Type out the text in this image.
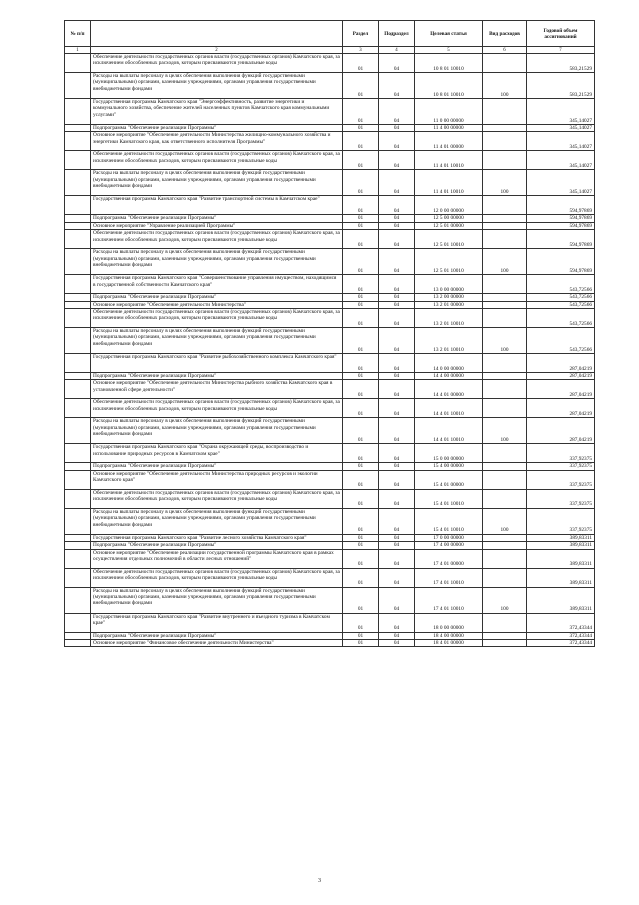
№ п/п		Раздел	Подраздел	Целевая статья	Вид расходов	Годовой объем ассигнований
1	2	3	4	5	6	7
	Обеспечение деятельности государственных органов власти (государственных органов) Камчатского края, за исключением обособленных расходов, которым присваиваются уникальные коды	01	04	10 8 01 10010		583,21529
	Расходы на выплаты персоналу в целях обеспечения выполнения функций государственными (муниципальными) органами, казенными учреждениями, органами управления государственными внебюджетными фондами	01	04	10 8 01 10010	100	583,21529
	Государственная программа Камчатского края "Энергоэффективность, развитие энергетики и коммунального хозяйства, обеспечение жителей населенных пунктов Камчатского края коммунальными услугами"	01	04	11 0 00 00000		345,14027
	Подпрограмма "Обеспечение реализации Программы"	01	04	11 4 00 00000		345,14027
	Основное мероприятие "Обеспечение деятельности Министерства жилищно-коммунального хозяйства и энергетики Камчатского края, как ответственного исполнителя Программы"	01	04	11 4 01 00000		345,14027
	Обеспечение деятельности государственных органов власти (государственных органов) Камчатского края, за исключением обособленных расходов, которым присваиваются уникальные коды	01	04	11 4 01 10010		345,14027
	Расходы на выплаты персоналу в целях обеспечения выполнения функций государственными (муниципальными) органами, казенными учреждениями, органами управления государственными внебюджетными фондами	01	04	11 4 01 10010	100	345,14027
	Государственная программа Камчатского края "Развитие транспортной системы в Камчатском крае"	01	04	12 0 00 00000		594,97869
	Подпрограмма "Обеспечение реализации Программы"	01	04	12 5 00 00000		594,97869
	Основное мероприятие "Управление реализацией Программы"	01	04	12 5 01 00000		594,97869
	Обеспечение деятельности государственных органов власти (государственных органов) Камчатского края, за исключением обособленных расходов, которым присваиваются уникальные коды	01	04	12 5 01 10010		594,97869
	Расходы на выплаты персоналу в целях обеспечения выполнения функций государственными (муниципальными) органами, казенными учреждениями, органами управления государственными внебюджетными фондами	01	04	12 5 01 10010	100	594,97869
	Государственная программа Камчатского края "Совершенствование управления имуществом, находящимся в государственной собственности Камчатского края"	01	04	13 0 00 00000		543,72566
	Подпрограмма "Обеспечение реализации Программы"	01	04	13 2 00 00000		543,72566
	Основное мероприятие "Обеспечение деятельности Министерства"	01	04	13 2 01 00000		543,72566
	Обеспечение деятельности государственных органов власти (государственных органов) Камчатского края, за исключением обособленных расходов, которым присваиваются уникальные коды	01	04	13 2 01 10010		543,72566
	Расходы на выплаты персоналу в целях обеспечения выполнения функций государственными (муниципальными) органами, казенными учреждениями, органами управления государственными внебюджетными фондами	01	04	13 2 01 10010	100	543,72566
	Государственная программа Камчатского края "Развитие рыбохозяйственного комплекса Камчатского края"	01	04	14 0 00 00000		287,04219
	Подпрограмма "Обеспечение реализации Программы"	01	04	14 4 00 00000		287,04219
	Основное мероприятие "Обеспечение деятельности Министерства рыбного хозяйства Камчатского края в установленной сфере деятельности"	01	04	14 4 01 00000		287,04219
	Обеспечение деятельности государственных органов власти (государственных органов) Камчатского края, за исключением обособленных расходов, которым присваиваются уникальные коды	01	04	14 4 01 10010		287,04219
	Расходы на выплаты персоналу в целях обеспечения выполнения функций государственными (муниципальными) органами, казенными учреждениями, органами управления государственными внебюджетными фондами	01	04	14 4 01 10010	100	287,04219
	Государственная программа Камчатского края "Охрана окружающей среды, воспроизводство и использование природных ресурсов в Камчатском крае"	01	04	15 0 00 00000		337,92375
	Подпрограмма "Обеспечение реализации Программы"	01	04	15 4 00 00000		337,92375
	Основное мероприятие "Обеспечение деятельности Министерства природных ресурсов и экологии Камчатского края"	01	04	15 4 01 00000		337,92375
	Обеспечение деятельности государственных органов власти (государственных органов) Камчатского края, за исключением обособленных расходов, которым присваиваются уникальные коды	01	04	15 4 01 10010		337,92375
	Расходы на выплаты персоналу в целях обеспечения выполнения функций государственными (муниципальными) органами, казенными учреждениями, органами управления государственными внебюджетными фондами	01	04	15 4 01 10010	100	337,92375
	Государственная программа Камчатского края "Развитие лесного хозяйства Камчатского края"	01	04	17 0 00 00000		389,83311
	Подпрограмма "Обеспечение реализации Программы"	01	04	17 4 00 00000		389,83311
	Основное мероприятие "Обеспечение реализации государственной программы Камчатского края в рамках осуществления отдельных полномочий в области лесных отношений"	01	04	17 4 01 00000		389,83311
	Обеспечение деятельности государственных органов власти (государственных органов) Камчатского края, за исключением обособленных расходов, которым присваиваются уникальные коды	01	04	17 4 01 10010		389,83311
	Расходы на выплаты персоналу в целях обеспечения выполнения функций государственными (муниципальными) органами, казенными учреждениями, органами управления государственными внебюджетными фондами	01	04	17 4 01 10010	100	389,83311
	Государственная программа Камчатского края "Развитие внутреннего и въездного туризма в Камчатском крае"	01	04	18 0 00 00000		372,43344
	Подпрограмма "Обеспечение реализации Программы"	01	04	18 4 00 00000		372,43344
	Основное мероприятие "Финансовое обеспечение деятельности Министерства"	01	04	18 4 01 00000		372,43344
3
